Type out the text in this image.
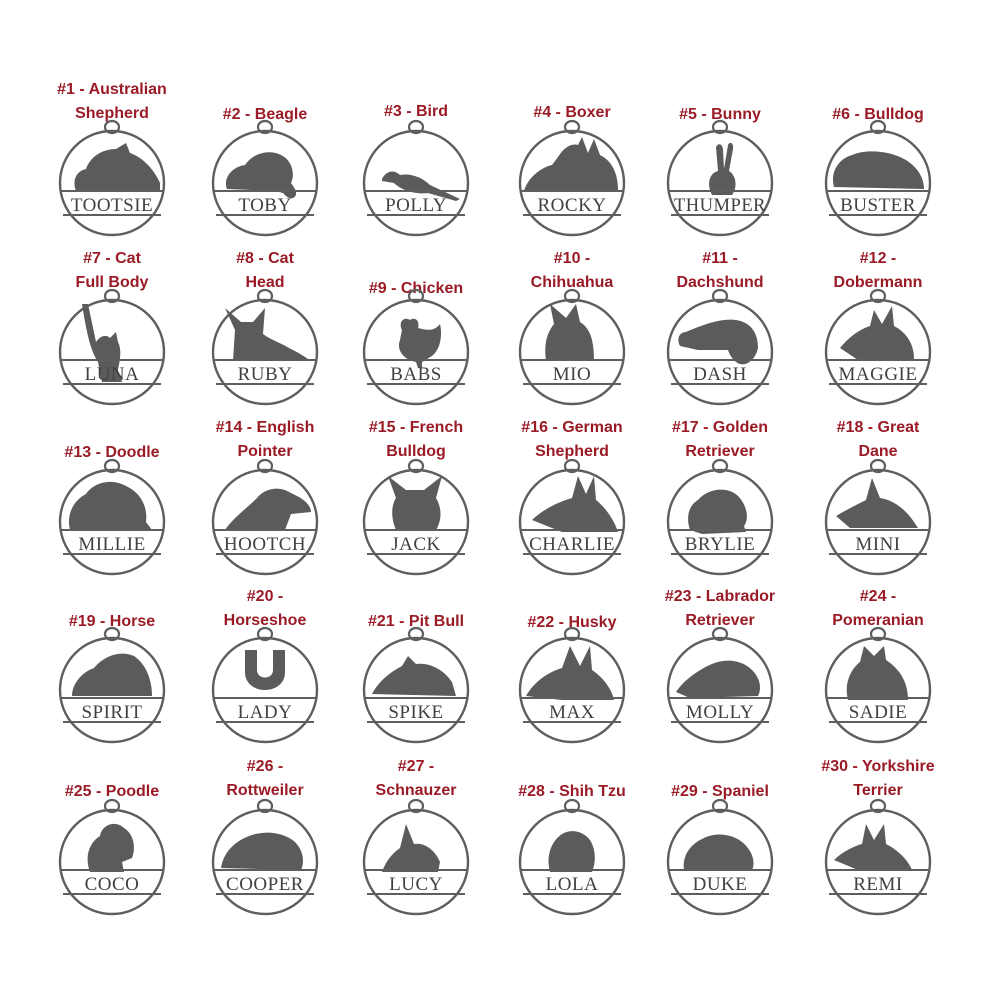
#1 - Australian
Shepherd
TOOTSIE
#2 - Beagle
TOBY
#3 - Bird
POLLY
#4 - Boxer
ROCKY
#5 - Bunny
THUMPER
#6 - Bulldog
BUSTER
#7 - Cat
Full Body
LUNA
#8 - Cat
Head
RUBY
#9 - Chicken
BABS
#10 -
Chihuahua
MIO
#11 -
Dachshund
DASH
#12 -
Dobermann
MAGGIE
#13 - Doodle
MILLIE
#14 - English
Pointer
HOOTCH
#15 - French
Bulldog
JACK
#16 - German
Shepherd
CHARLIE
#17 - Golden
Retriever
BRYLIE
#18 - Great
Dane
MINI
#19 - Horse
SPIRIT
#20 -
Horseshoe
LADY
#21 - Pit Bull
SPIKE
#22 - Husky
MAX
#23 - Labrador
Retriever
MOLLY
#24 -
Pomeranian
SADIE
#25 - Poodle
COCO
#26 -
Rottweiler
COOPER
#27 -
Schnauzer
LUCY
#28 - Shih Tzu
LOLA
#29 - Spaniel
DUKE
#30 - Yorkshire
Terrier
REMI
